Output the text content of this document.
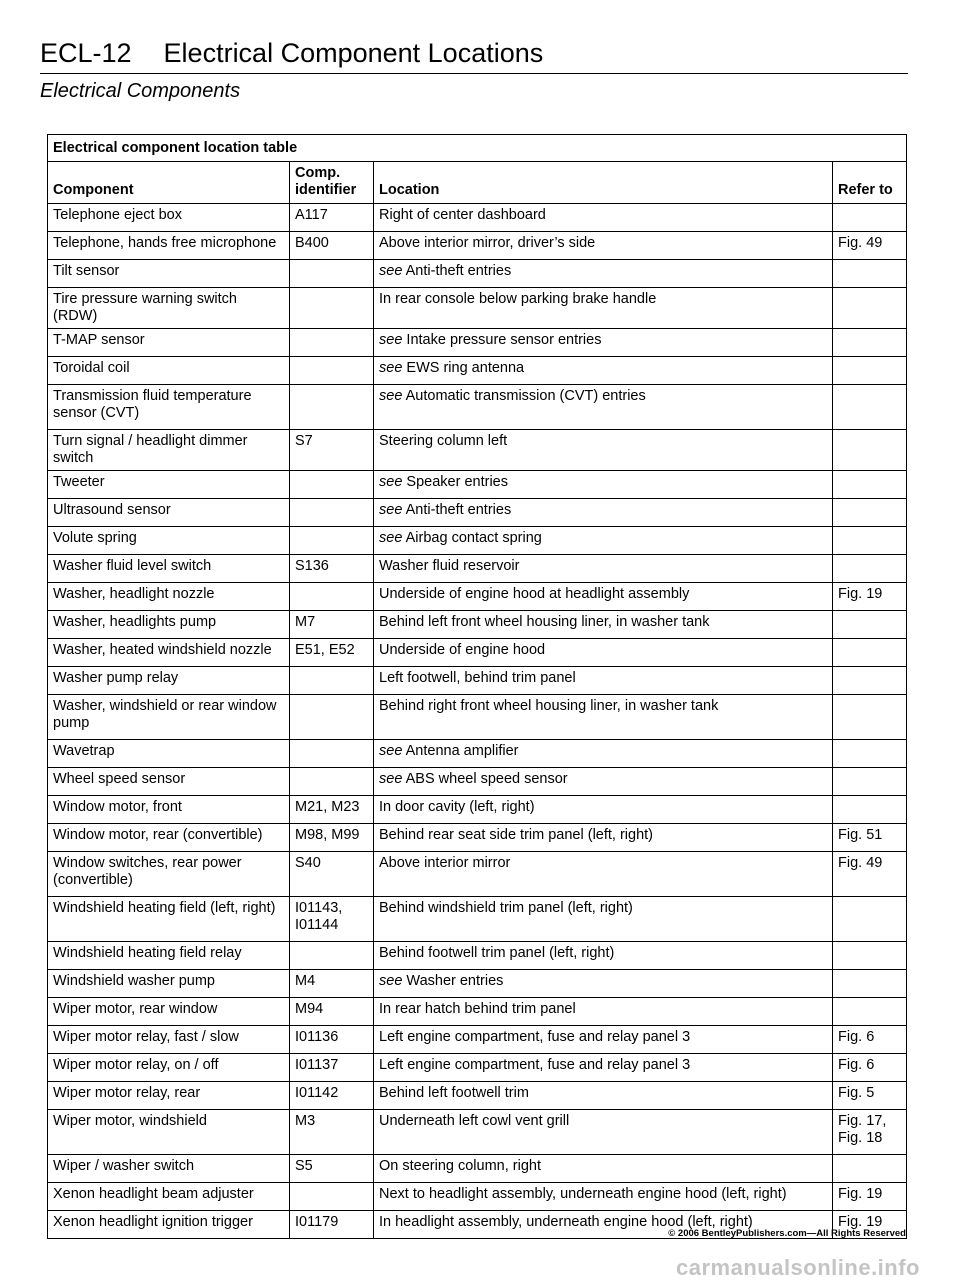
ECL-12 Electrical Component Locations
Electrical Components
Electrical component location table			
Component	Comp. identifier	Location	Refer to
Telephone eject box	A117	Right of center dashboard	
Telephone, hands free microphone	B400	Above interior mirror, driver’s side	Fig. 49
Tilt sensor		see Anti-theft entries	
Tire pressure warning switch (RDW)		In rear console below parking brake handle	
T-MAP sensor		see Intake pressure sensor entries	
Toroidal coil		see EWS ring antenna	
Transmission fluid temperature sensor (CVT)		see Automatic transmission (CVT) entries	
Turn signal / headlight dimmer switch	S7	Steering column left	
Tweeter		see Speaker entries	
Ultrasound sensor		see Anti-theft entries	
Volute spring		see Airbag contact spring	
Washer fluid level switch	S136	Washer fluid reservoir	
Washer, headlight nozzle		Underside of engine hood at headlight assembly	Fig. 19
Washer, headlights pump	M7	Behind left front wheel housing liner, in washer tank	
Washer, heated windshield nozzle	E51, E52	Underside of engine hood	
Washer pump relay		Left footwell, behind trim panel	
Washer, windshield or rear window pump		Behind right front wheel housing liner, in washer tank	
Wavetrap		see Antenna amplifier	
Wheel speed sensor		see ABS wheel speed sensor	
Window motor, front	M21, M23	In door cavity (left, right)	
Window motor, rear (convertible)	M98, M99	Behind rear seat side trim panel (left, right)	Fig. 51
Window switches, rear power (convertible)	S40	Above interior mirror	Fig. 49
Windshield heating field (left, right)	I01143, I01144	Behind windshield trim panel (left, right)	
Windshield heating field relay		Behind footwell trim panel (left, right)	
Windshield washer pump	M4	see Washer entries	
Wiper motor, rear window	M94	In rear hatch behind trim panel	
Wiper motor relay, fast / slow	I01136	Left engine compartment, fuse and relay panel 3	Fig. 6
Wiper motor relay, on / off	I01137	Left engine compartment, fuse and relay panel 3	Fig. 6
Wiper motor relay, rear	I01142	Behind left footwell trim	Fig. 5
Wiper motor, windshield	M3	Underneath left cowl vent grill	Fig. 17, Fig. 18
Wiper / washer switch	S5	On steering column, right	
Xenon headlight beam adjuster		Next to headlight assembly, underneath engine hood (left, right)	Fig. 19
Xenon headlight ignition trigger	I01179	In headlight assembly, underneath engine hood (left, right)	Fig. 19
© 2006 BentleyPublishers.com—All Rights Reserved
carmanualsonline.info
